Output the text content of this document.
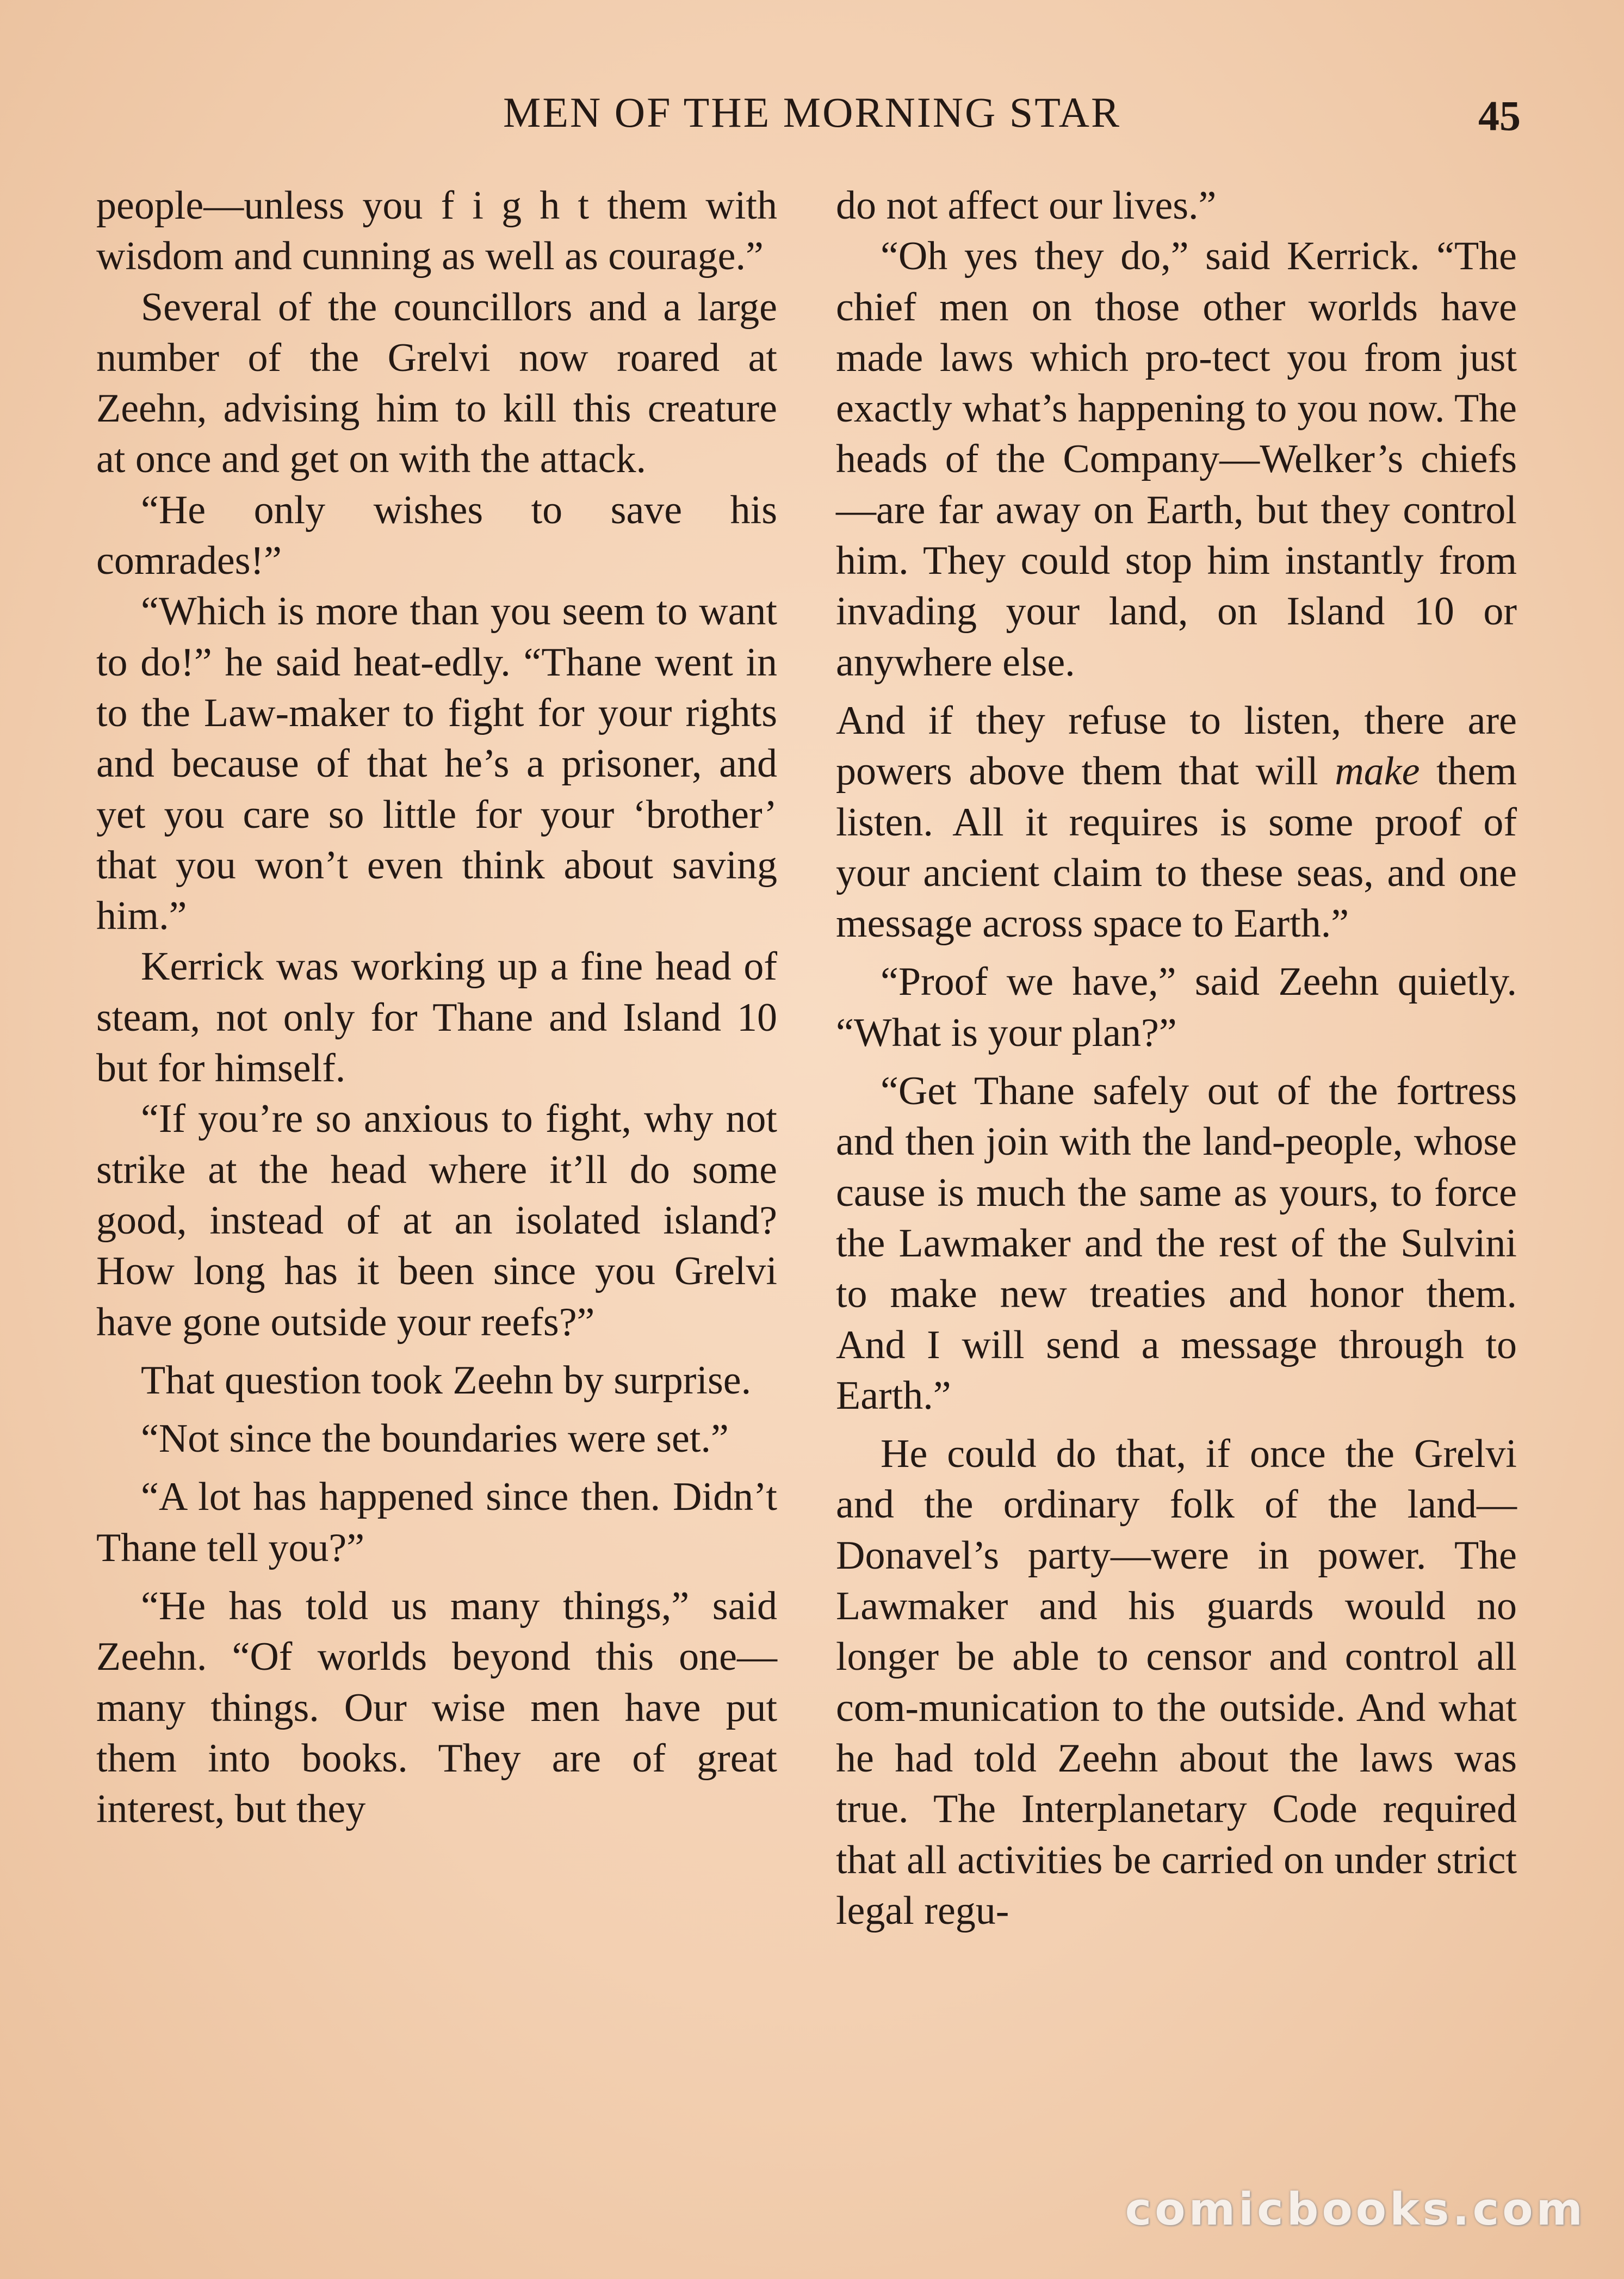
MEN OF THE MORNING STAR	45

people—unless you f i g h t them with wisdom and cunning as well as courage.”

Several of the councillors and a large number of the Grelvi now roared at Zeehn, advising him to kill this creature at once and get on with the attack.

“He only wishes to save his comrades!”

“Which is more than you seem to want to do!” he said heat-edly. “Thane went in to the Law-maker to fight for your rights and because of that he’s a prisoner, and yet you care so little for your ‘brother’ that you won’t even think about saving him.”

Kerrick was working up a fine head of steam, not only for Thane and Island 10 but for himself.

“If you’re so anxious to fight, why not strike at the head where it’ll do some good, instead of at an isolated island? How long has it been since you Grelvi have gone outside your reefs?”

That question took Zeehn by surprise.

“Not since the boundaries were set.”

“A lot has happened since then. Didn’t Thane tell you?”

“He has told us many things,” said Zeehn. “Of worlds beyond this one—many things. Our wise men have put them into books. They are of great interest, but they

do not affect our lives.”

“Oh yes they do,” said Kerrick. “The chief men on those other worlds have made laws which pro-tect you from just exactly what’s happening to you now. The heads of the Company—Welker’s chiefs —are far away on Earth, but they control him. They could stop him instantly from invading your land, on Island 10 or anywhere else.

And if they refuse to listen, there are powers above them that will make them listen. All it requires is some proof of your ancient claim to these seas, and one message across space to Earth.”

“Proof we have,” said Zeehn quietly. “What is your plan?”

“Get Thane safely out of the fortress and then join with the land-people, whose cause is much the same as yours, to force the Lawmaker and the rest of the Sulvini to make new treaties and honor them. And I will send a message through to Earth.”

He could do that, if once the Grelvi and the ordinary folk of the land—Donavel’s party—were in power. The Lawmaker and his guards would no longer be able to censor and control all com-munication to the outside. And what he had told Zeehn about the laws was true. The Interplanetary Code required that all activities be carried on under strict legal regu-

comicbooks.com
